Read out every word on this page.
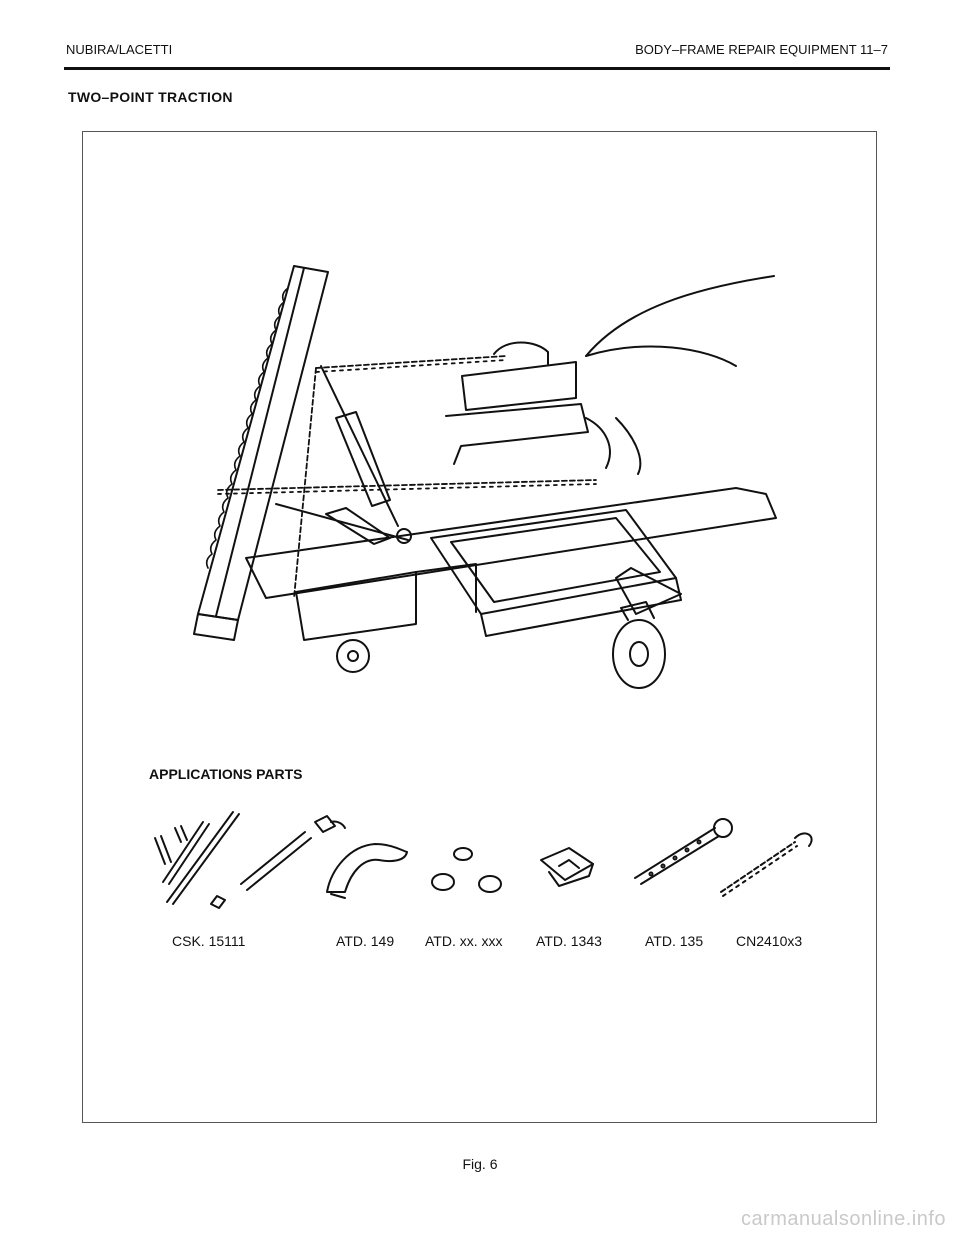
NUBIRA/LACETTI	BODY–FRAME REPAIR EQUIPMENT 11–7
TWO–POINT TRACTION
APPLICATIONS PARTS
CSK. 15111	ATD. 149 ATD. xx. xxx ATD. 1343	ATD. 135 CN2410x3
Fig. 6
carmanualsonline.info
